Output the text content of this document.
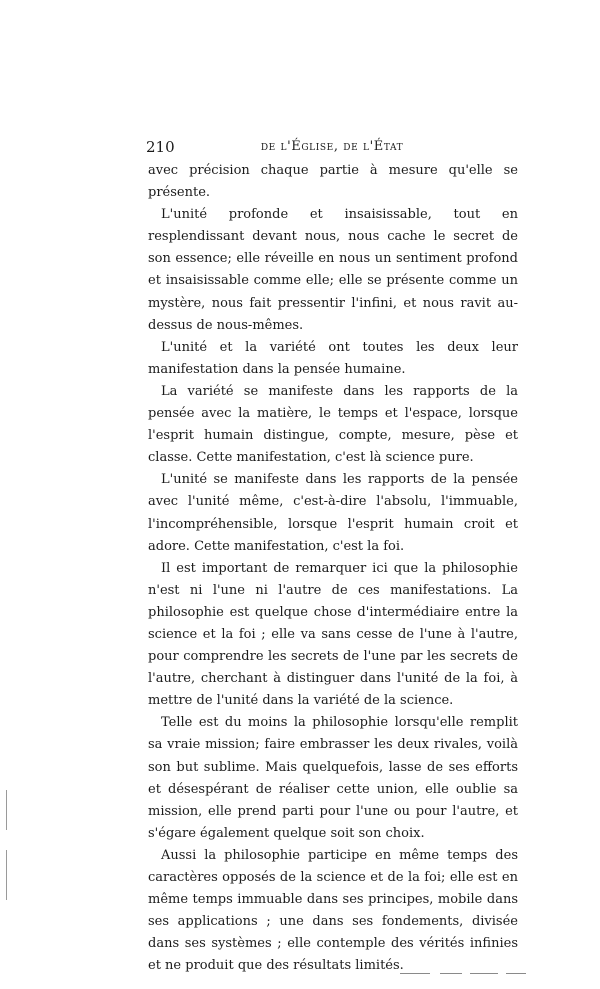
210	de l'Église, de l'État

avec précision chaque partie à mesure qu'elle se présente.

L'unité profonde et insaisissable, tout en resplendissant devant nous, nous cache le secret de son essence; elle réveille en nous un sentiment profond et insaisissable comme elle; elle se présente comme un mystère, nous fait pressentir l'infini, et nous ravit au-dessus de nous-mêmes.

L'unité et la variété ont toutes les deux leur manifestation dans la pensée humaine.

La variété se manifeste dans les rapports de la pensée avec la matière, le temps et l'espace, lorsque l'esprit humain distingue, compte, mesure, pèse et classe. Cette manifestation, c'est là science pure.

L'unité se manifeste dans les rapports de la pensée avec l'unité même, c'est-à-dire l'absolu, l'immuable, l'incompréhensible, lorsque l'esprit humain croit et adore. Cette manifestation, c'est la foi.

Il est important de remarquer ici que la philosophie n'est ni l'une ni l'autre de ces manifestations. La philosophie est quelque chose d'intermédiaire entre la science et la foi ; elle va sans cesse de l'une à l'autre, pour comprendre les secrets de l'une par les secrets de l'autre, cherchant à distinguer dans l'unité de la foi, à mettre de l'unité dans la variété de la science.

Telle est du moins la philosophie lorsqu'elle remplit sa vraie mission; faire embrasser les deux rivales, voilà son but sublime. Mais quelquefois, lasse de ses efforts et désespérant de réaliser cette union, elle oublie sa mission, elle prend parti pour l'une ou pour l'autre, et s'égare également quelque soit son choix.

Aussi la philosophie participe en même temps des caractères opposés de la science et de la foi; elle est en même temps immuable dans ses principes, mobile dans ses applications ; une dans ses fondements, divisée dans ses systèmes ; elle contemple des vérités infinies et ne produit que des résultats limités.
